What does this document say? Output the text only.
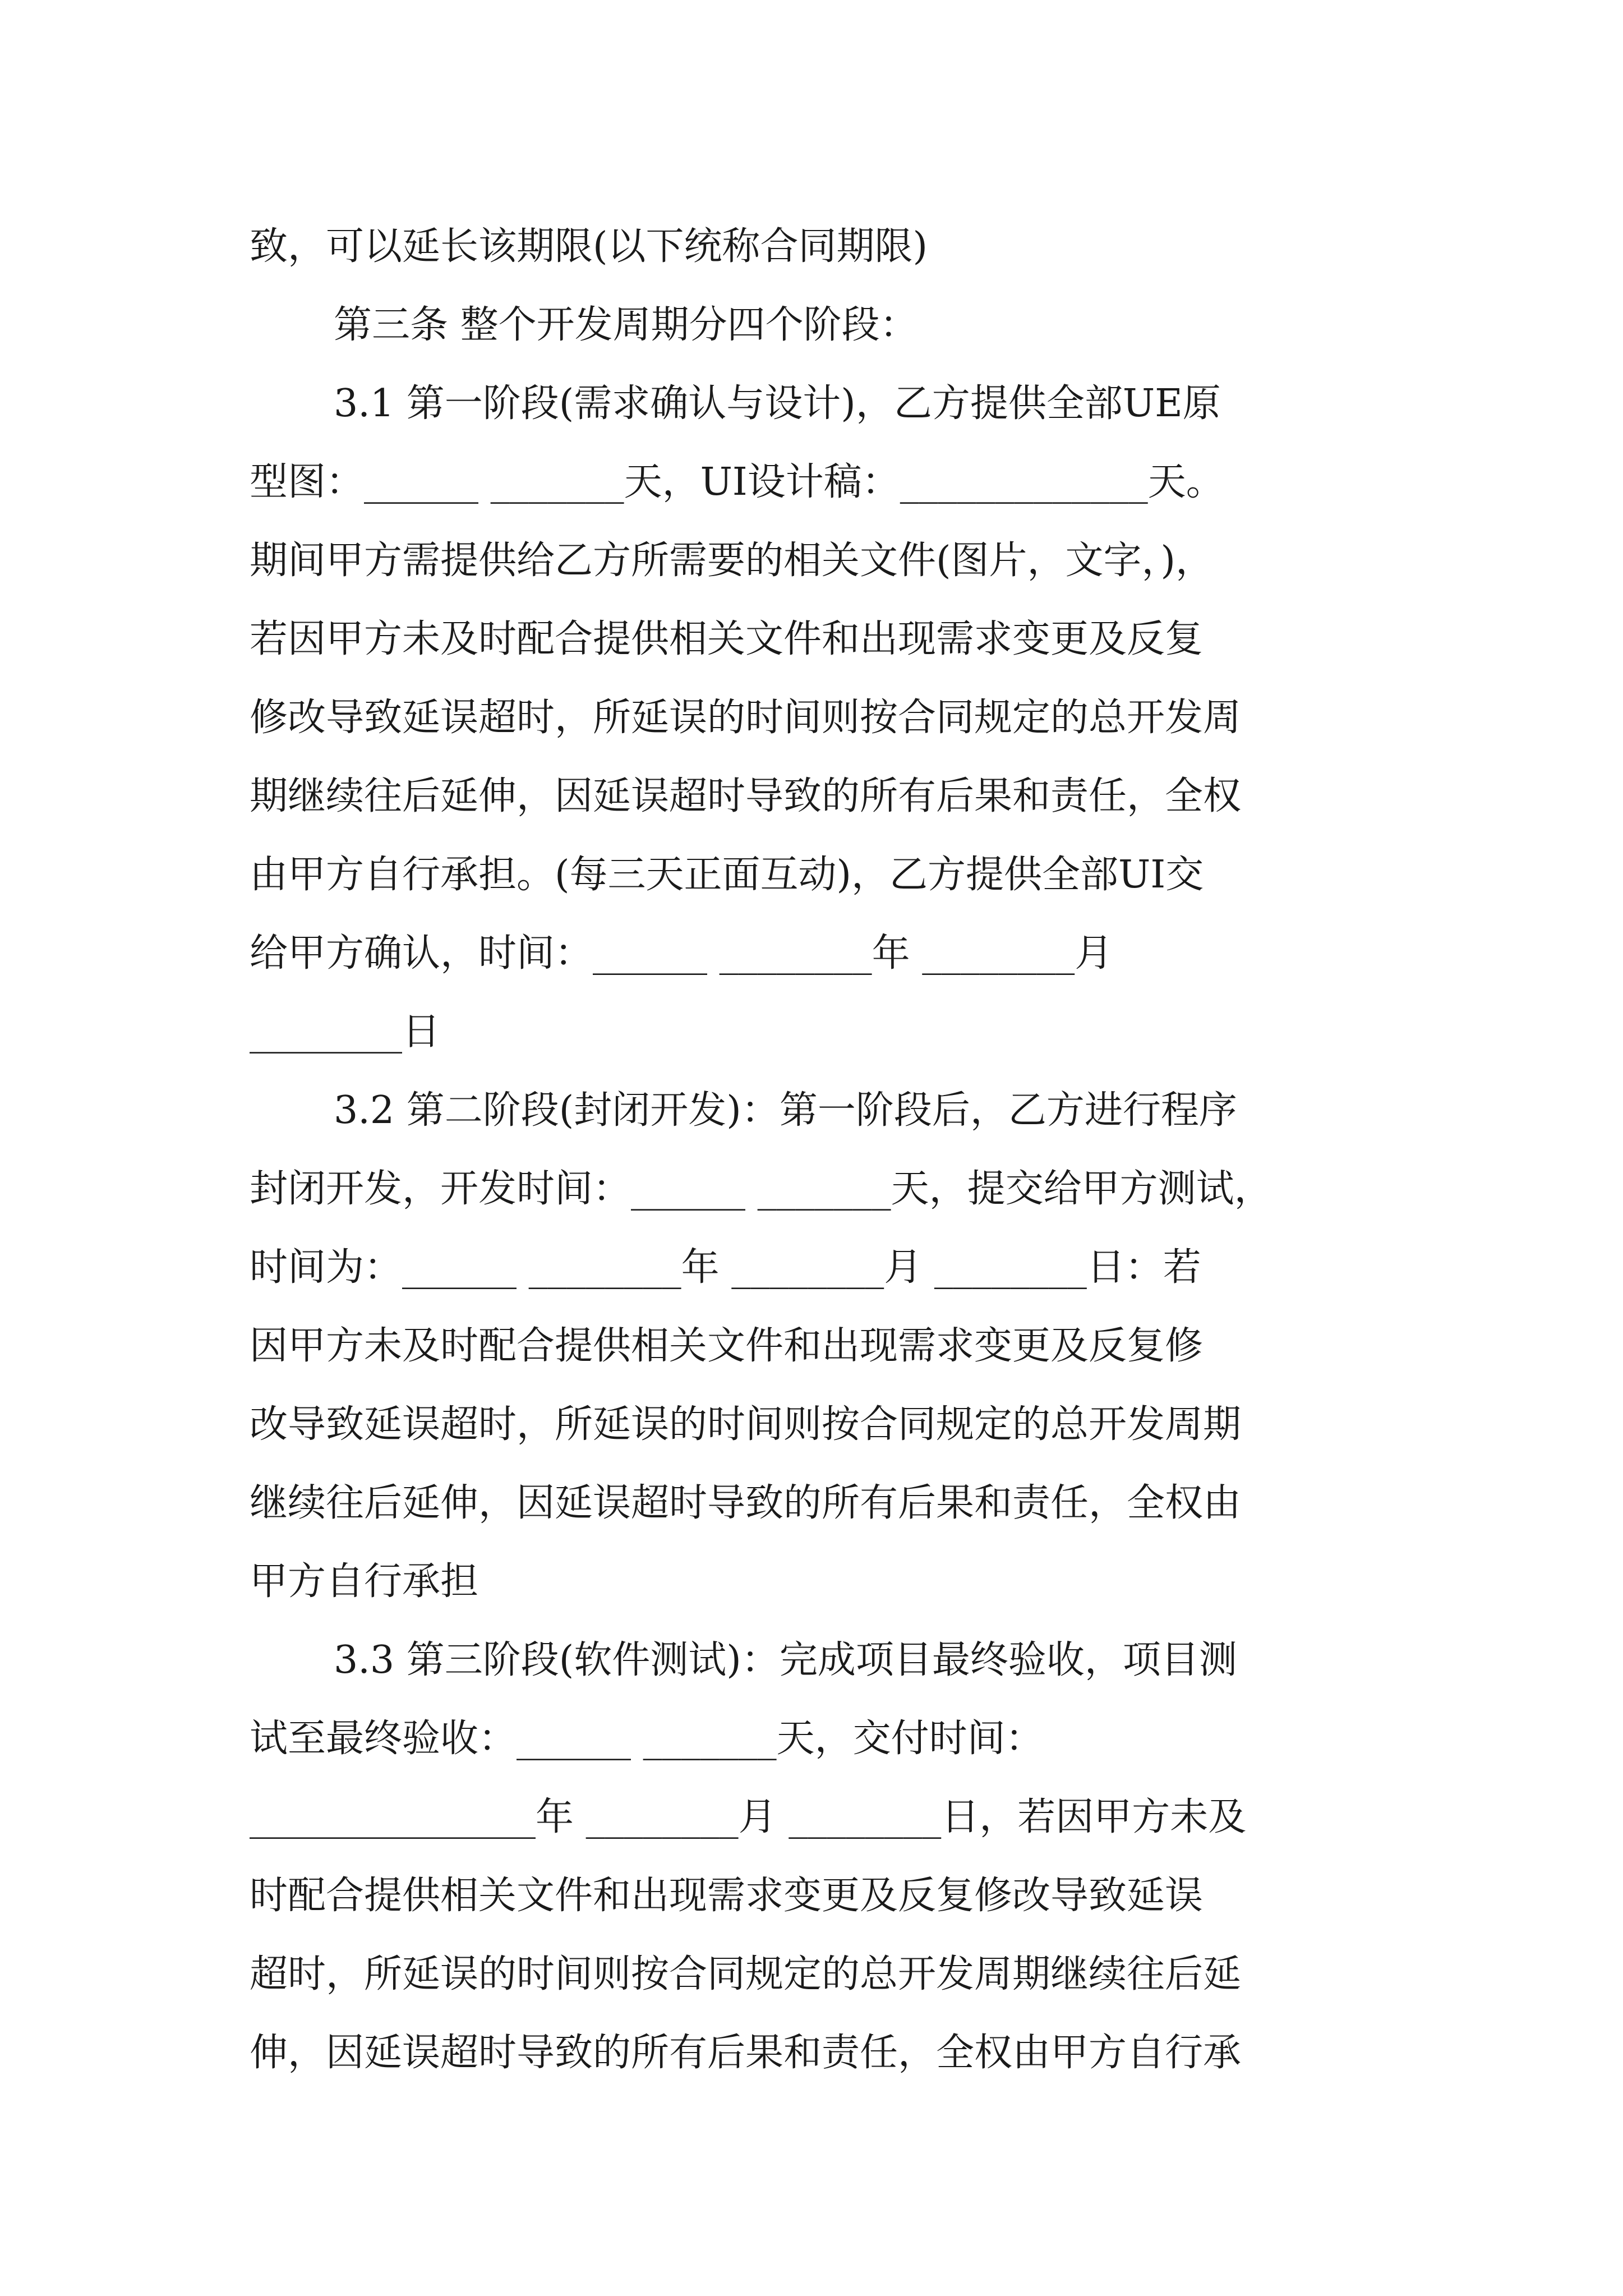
致，可以延长该期限(以下统称合同期限)
第三条 整个开发周期分四个阶段：
3.1 第一阶段(需求确认与设计)，乙方提供全部UE原
型图：______ _______天，UI设计稿：_____________天。
期间甲方需提供给乙方所需要的相关文件(图片，文字，)，
若因甲方未及时配合提供相关文件和出现需求变更及反复
修改导致延误超时，所延误的时间则按合同规定的总开发周
期继续往后延伸，因延误超时导致的所有后果和责任，全权
由甲方自行承担。(每三天正面互动)，乙方提供全部UI交
给甲方确认，时间：______ ________年 ________月
________日
3.2 第二阶段(封闭开发)：第一阶段后，乙方进行程序
封闭开发，开发时间：______ _______天，提交给甲方测试，
时间为：______ ________年 ________月 ________日：若
因甲方未及时配合提供相关文件和出现需求变更及反复修
改导致延误超时，所延误的时间则按合同规定的总开发周期
继续往后延伸，因延误超时导致的所有后果和责任，全权由
甲方自行承担
3.3 第三阶段(软件测试)：完成项目最终验收，项目测
试至最终验收：______ _______天，交付时间：
_______________年 ________月 ________日，若因甲方未及
时配合提供相关文件和出现需求变更及反复修改导致延误
超时，所延误的时间则按合同规定的总开发周期继续往后延
伸，因延误超时导致的所有后果和责任，全权由甲方自行承
